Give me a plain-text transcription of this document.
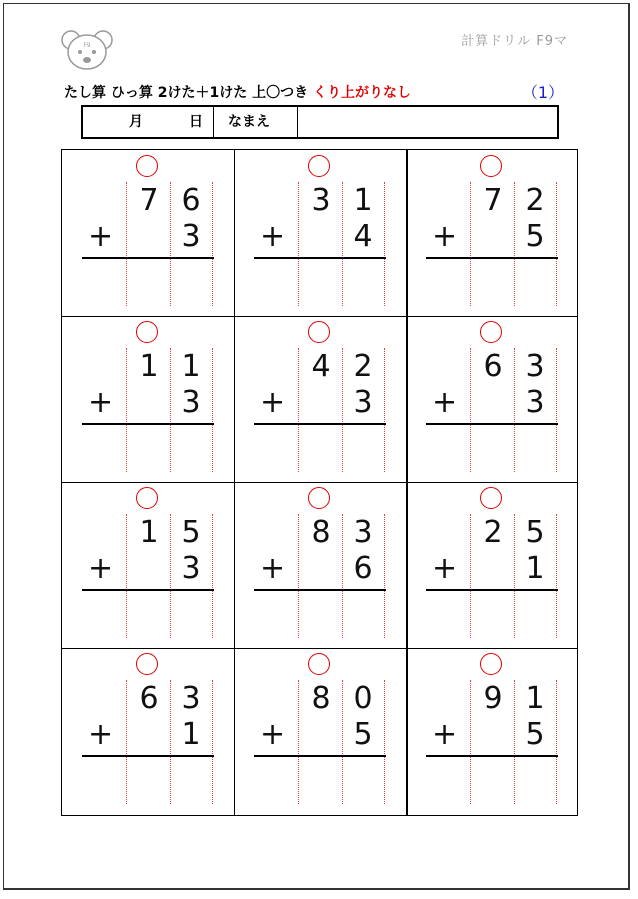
F9	計算ドリル F9マ
たし算 ひっ算 2けた＋1けた 上〇つき くり上がりなし	（1）
月	日 なまえ
7 6
3
+
3 1
4
+
7 2
5
+
1 1
3
+
4 2
3
+
6 3
3
+
1 5
3
+
8 3
6
+
2 5
1
+
6 3
1
+
8 0
5
+
9 1
5
+
